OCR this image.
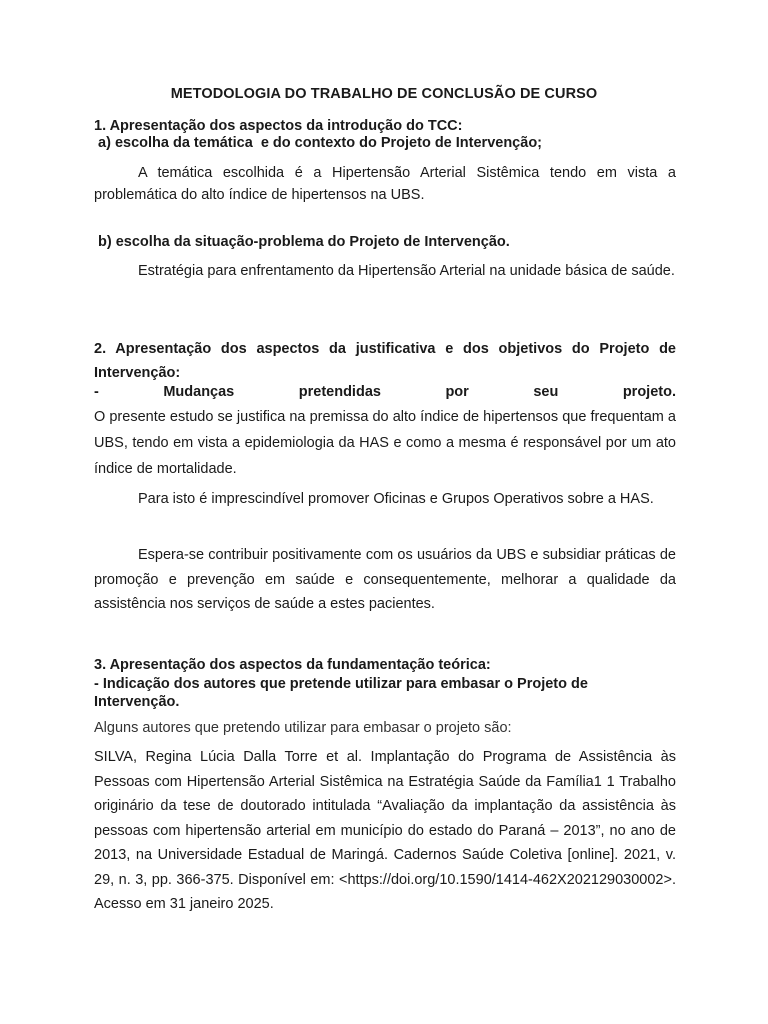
METODOLOGIA DO TRABALHO DE CONCLUSÃO DE CURSO
1. Apresentação dos aspectos da introdução do TCC:
a) escolha da temática  e do contexto do Projeto de Intervenção;
A temática escolhida é a Hipertensão Arterial Sistêmica tendo em vista a problemática do alto índice de hipertensos na UBS.
b) escolha da situação-problema do Projeto de Intervenção.
Estratégia para enfrentamento da Hipertensão Arterial na unidade básica de saúde.
2. Apresentação dos aspectos da justificativa e dos objetivos do Projeto de Intervenção:
-	Mudanças	pretendidas	por	seu	projeto.
O presente estudo se justifica na premissa do alto índice de hipertensos que frequentam a UBS, tendo em vista a epidemiologia da HAS e como a mesma é responsável por um ato índice de mortalidade.
Para isto é imprescindível promover Oficinas e Grupos Operativos sobre a HAS.
Espera-se contribuir positivamente com os usuários da UBS e subsidiar práticas de promoção e prevenção em saúde e consequentemente, melhorar a qualidade da assistência nos serviços de saúde a estes pacientes.
3. Apresentação dos aspectos da fundamentação teórica:
- Indicação dos autores que pretende utilizar para embasar o Projeto de Intervenção.
Alguns autores que pretendo utilizar para embasar o projeto são:
SILVA, Regina Lúcia Dalla Torre et al. Implantação do Programa de Assistência às Pessoas com Hipertensão Arterial Sistêmica na Estratégia Saúde da Família1 1 Trabalho originário da tese de doutorado intitulada “Avaliação da implantação da assistência às pessoas com hipertensão arterial em município do estado do Paraná – 2013”, no ano de 2013, na Universidade Estadual de Maringá. Cadernos Saúde Coletiva [online]. 2021, v. 29, n. 3, pp. 366-375. Disponível em: <https://doi.org/10.1590/1414-462X202129030002>. Acesso em 31 janeiro 2025.
